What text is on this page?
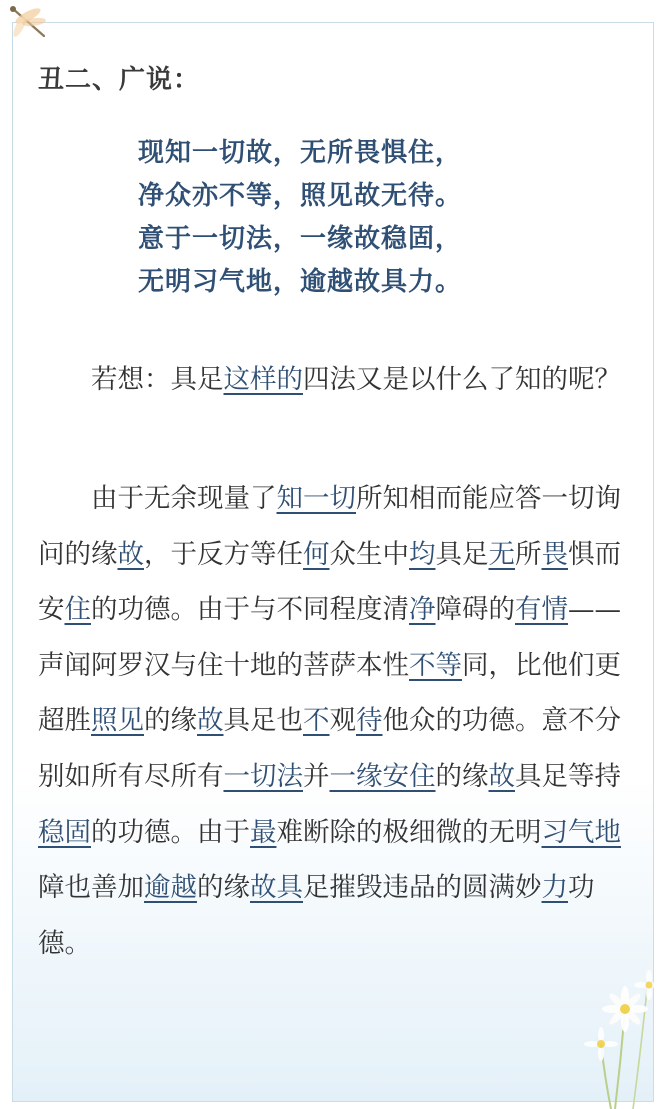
丑二、广说：
现知一切故，无所畏惧住，
净众亦不等，照见故无待。
意于一切法，一缘故稳固，
无明习气地，逾越故具力。

若想：具足这样的四法又是以什么了知的呢？

由于无余现量了知一切所知相而能应答一切询问的缘故，于反方等任何众生中均具足无所畏惧而安住的功德。由于与不同程度清净障碍的有情——声闻阿罗汉与住十地的菩萨本性不等同，比他们更超胜照见的缘故具足也不观待他众的功德。意不分别如所有尽所有一切法并一缘安住的缘故具足等持稳固的功德。由于最难断除的极细微的无明习气地障也善加逾越的缘故具足摧毁违品的圆满妙力功德。
